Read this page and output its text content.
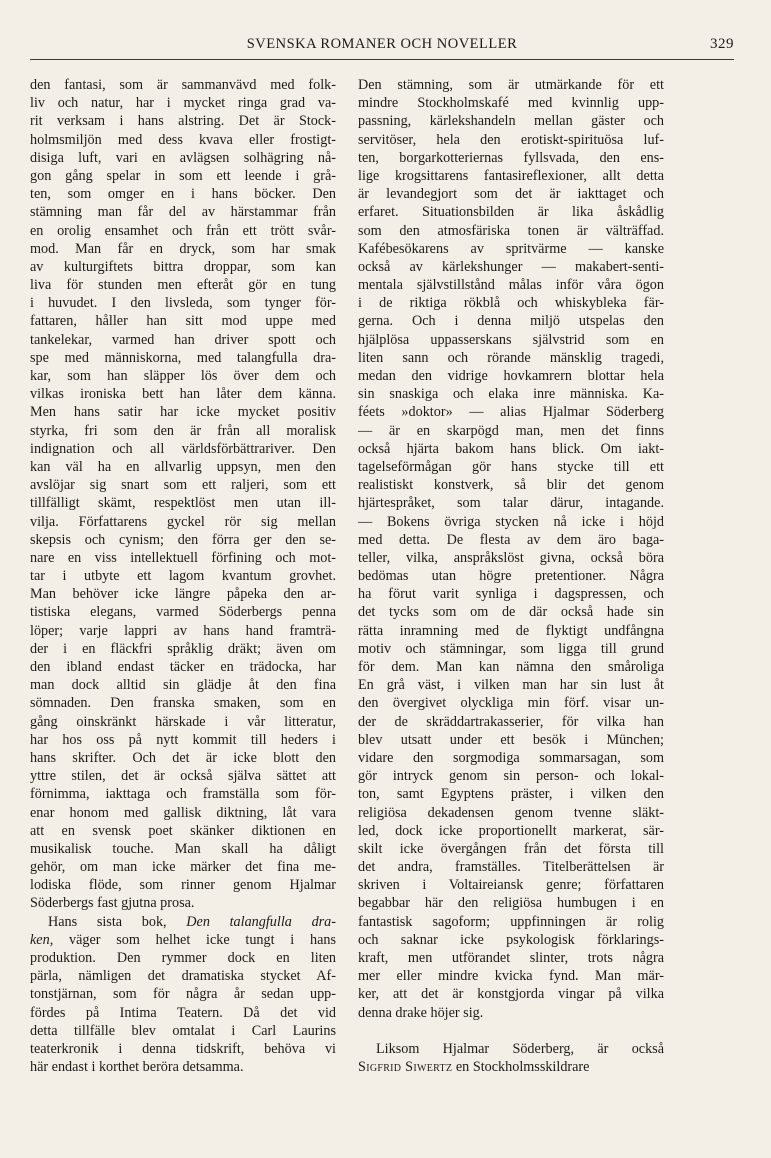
SVENSKA ROMANER OCH NOVELLER	329
den fantasi, som är sammanvävd med folk-
liv och natur, har i mycket ringa grad va-
rit verksam i hans alstring. Det är Stock-
holmsmiljön med dess kvava eller frostigt-
disiga luft, vari en avlägsen solhägring nå-
gon gång spelar in som ett leende i grå-
ten, som omger en i hans böcker. Den
stämning man får del av härstammar från
en orolig ensamhet och från ett trött svår-
mod. Man får en dryck, som har smak
av kulturgiftets bittra droppar, som kan
liva för stunden men efteråt gör en tung
i huvudet. I den livsleda, som tynger för-
fattaren, håller han sitt mod uppe med
tankelekar, varmed han driver spott och
spe med människorna, med talangfulla dra-
kar, som han släpper lös över dem och
vilkas ironiska bett han låter dem känna.
Men hans satir har icke mycket positiv
styrka, fri som den är från all moralisk
indignation och all världsförbättrariver. Den
kan väl ha en allvarlig uppsyn, men den
avslöjar sig snart som ett raljeri, som ett
tillfälligt skämt, respektlöst men utan ill-
vilja. Författarens gyckel rör sig mellan
skepsis och cynism; den förra ger den se-
nare en viss intellektuell förfining och mot-
tar i utbyte ett lagom kvantum grovhet.
Man behöver icke längre påpeka den ar-
tistiska elegans, varmed Söderbergs penna
löper; varje lappri av hans hand framträ-
der i en fläckfri språklig dräkt; även om
den ibland endast täcker en trädocka, har
man dock alltid sin glädje åt den fina
sömnaden. Den franska smaken, som en
gång oinskränkt härskade i vår litteratur,
har hos oss på nytt kommit till heders i
hans skrifter. Och det är icke blott den
yttre stilen, det är också själva sättet att
förnimma, iakttaga och framställa som för-
enar honom med gallisk diktning, låt vara
att en svensk poet skänker diktionen en
musikalisk touche. Man skall ha dåligt
gehör, om man icke märker det fina me-
lodiska flöde, som rinner genom Hjalmar
Söderbergs fast gjutna prosa.
Hans sista bok, Den talangfulla dra-
ken, väger som helhet icke tungt i hans
produktion. Den rymmer dock en liten
pärla, nämligen det dramatiska stycket Af-
tonstjärnan, som för några år sedan upp-
fördes på Intima Teatern. Då det vid
detta tillfälle blev omtalat i Carl Laurins
teaterkronik i denna tidskrift, behöva vi
här endast i korthet beröra detsamma.
Den stämning, som är utmärkande för ett
mindre Stockholmskafé med kvinnlig upp-
passning, kärlekshandeln mellan gäster och
servitöser, hela den erotiskt-spirituösa luf-
ten, borgarkotteriernas fyllsvada, den ens-
lige krogsittarens fantasireflexioner, allt detta
är levandegjort som det är iakttaget och
erfaret. Situationsbilden är lika åskådlig
som den atmosfäriska tonen är välträffad.
Kafébesökarens av spritvärme — kanske
också av kärlekshunger — makabert-senti-
mentala självstillstånd målas inför våra ögon
i de riktiga rökblå och whiskybleka fär-
gerna. Och i denna miljö utspelas den
hjälplösa uppasserskans självstrid som en
liten sann och rörande mänsklig tragedi,
medan den vidrige hovkamrern blottar hela
sin snaskiga och elaka inre människa. Ka-
féets »doktor» — alias Hjalmar Söderberg
— är en skarpögd man, men det finns
också hjärta bakom hans blick. Om iakt-
tagelseförmågan gör hans stycke till ett
realistiskt konstverk, så blir det genom
hjärtespråket, som talar därur, intagande.
— Bokens övriga stycken nå icke i höjd
med detta. De flesta av dem äro baga-
teller, vilka, anspråkslöst givna, också böra
bedömas utan högre pretentioner. Några
ha förut varit synliga i dagspressen, och
det tycks som om de där också hade sin
rätta inramning med de flyktigt undfångna
motiv och stämningar, som ligga till grund
för dem. Man kan nämna den småroliga
En grå väst, i vilken man har sin lust åt
den övergivet olyckliga min förf. visar un-
der de skräddartrakasserier, för vilka han
blev utsatt under ett besök i München;
vidare den sorgmodiga sommarsagan, som
gör intryck genom sin person- och lokal-
ton, samt Egyptens präster, i vilken den
religiösa dekadensen genom tvenne släkt-
led, dock icke proportionellt markerat, sär-
skilt icke övergången från det första till
det andra, framställes. Titelberättelsen är
skriven i Voltaireiansk genre; författaren
begabbar här den religiösa humbugen i en
fantastisk sagoform; uppfinningen är rolig
och saknar icke psykologisk förklarings-
kraft, men utförandet slinter, trots några
mer eller mindre kvicka fynd. Man mär-
ker, att det är konstgjorda vingar på vilka
denna drake höjer sig.
Liksom Hjalmar Söderberg, är också
Sigfrid Siwertz en Stockholmsskildrare
